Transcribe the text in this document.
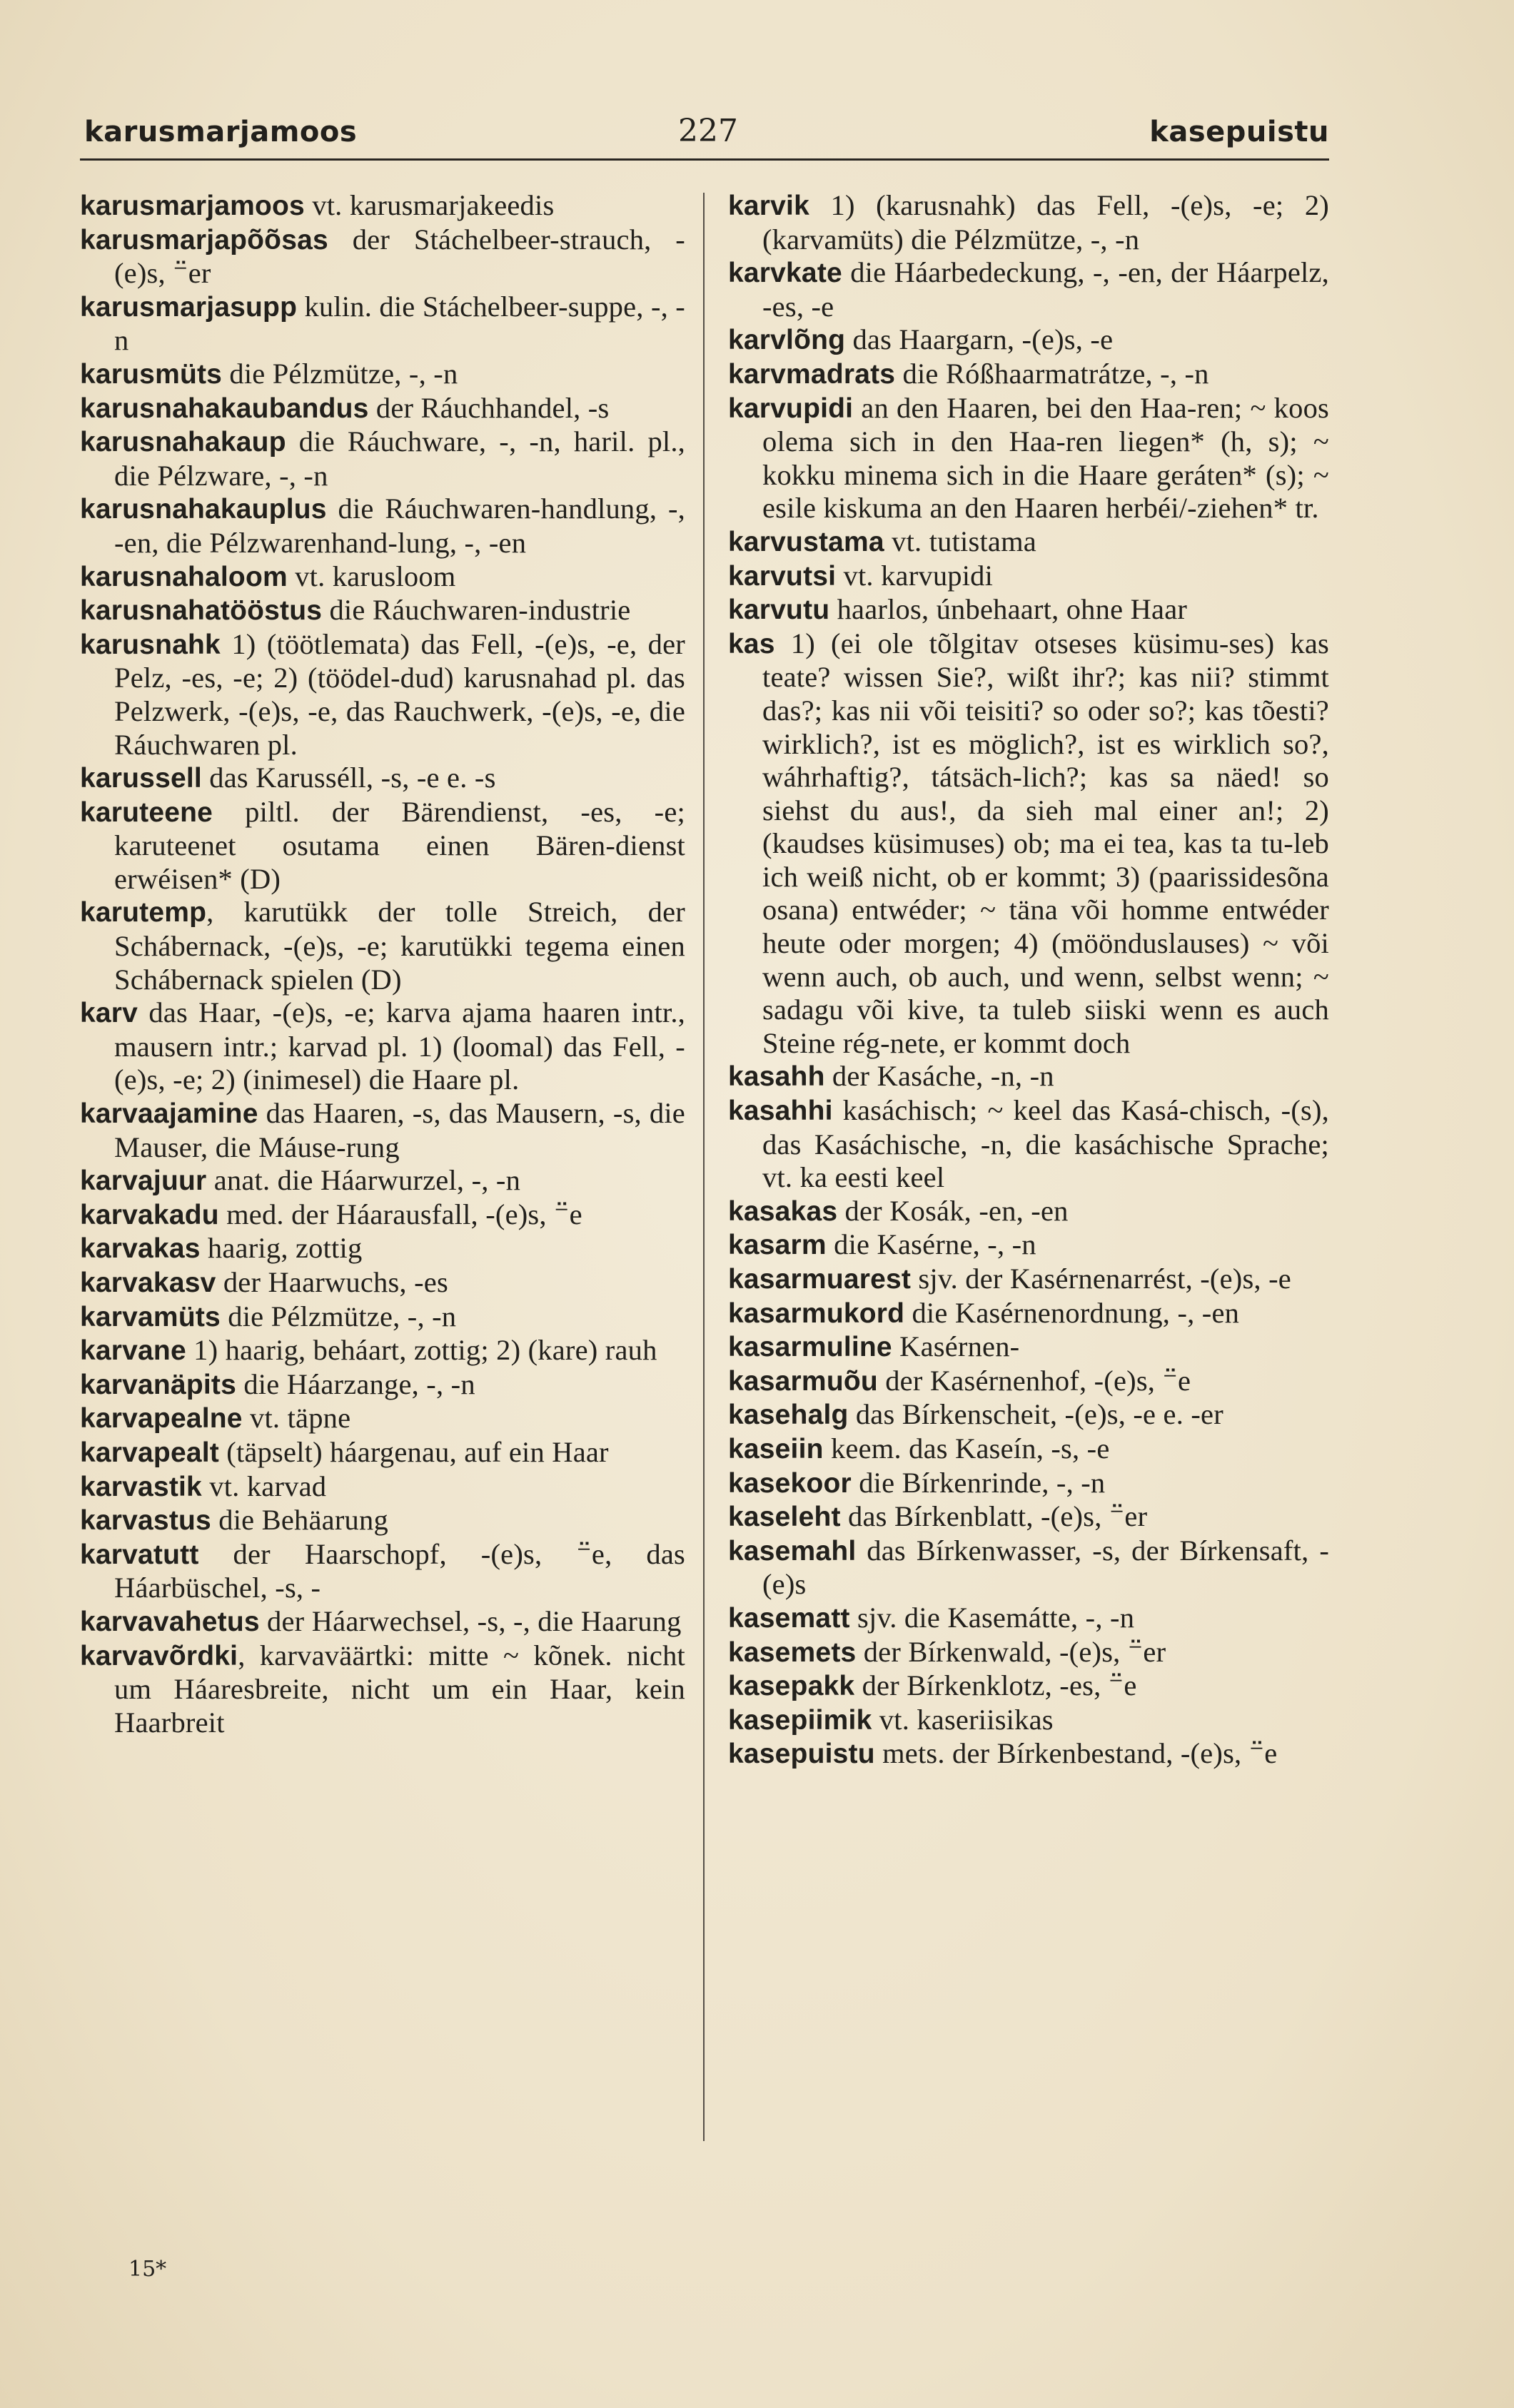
karusmarjamoos	227	kasepuistu
karusmarjamoos vt. karusmarjakeedis
karusmarjapõõsas der Stáchelbeer-strauch, -(e)s, ⁻̈er
karusmarjasupp kulin. die Stáchelbeer-suppe, -, -n
karusmüts die Pélzmütze, -, -n
karusnahakaubandus der Ráuchhandel, -s
karusnahakaup die Ráuchware, -, -n, haril. pl., die Pélzware, -, -n
karusnahakauplus die Ráuchwaren-handlung, -, -en, die Pélzwarenhand-lung, -, -en
karusnahaloom vt. karusloom
karusnahatööstus die Ráuchwaren-industrie
karusnahk 1) (töötlemata) das Fell, -(e)s, -e, der Pelz, -es, -e; 2) (töödel-dud) karusnahad pl. das Pelzwerk, -(e)s, -e, das Rauchwerk, -(e)s, -e, die Ráuchwaren pl.
karussell das Karusséll, -s, -e e. -s
karuteene piltl. der Bärendienst, -es, -e; karuteenet osutama einen Bären-dienst erwéisen* (D)
karutemp, karutükk der tolle Streich, der Schábernack, -(e)s, -e; karutükki tegema einen Schábernack spielen (D)
karv das Haar, -(e)s, -e; karva ajama haaren intr., mausern intr.; karvad pl. 1) (loomal) das Fell, -(e)s, -e; 2) (inimesel) die Haare pl.
karvaajamine das Haaren, -s, das Mausern, -s, die Mauser, die Máuse-rung
karvajuur anat. die Háarwurzel, -, -n
karvakadu med. der Háarausfall, -(e)s, ⁻̈e
karvakas haarig, zottig
karvakasv der Haarwuchs, -es
karvamüts die Pélzmütze, -, -n
karvane 1) haarig, beháart, zottig; 2) (kare) rauh
karvanäpits die Háarzange, -, -n
karvapealne vt. täpne
karvapealt (täpselt) háargenau, auf ein Haar
karvastik vt. karvad
karvastus die Behäarung
karvatutt der Haarschopf, -(e)s, ⁻̈e, das Háarbüschel, -s, -
karvavahetus der Háarwechsel, -s, -, die Haarung
karvavõrdki, karvaväärtki: mitte ~ kõnek. nicht um Háaresbreite, nicht um ein Haar, kein Haarbreit
karvik 1) (karusnahk) das Fell, -(e)s, -e; 2) (karvamüts) die Pélzmütze, -, -n
karvkate die Háarbedeckung, -, -en, der Háarpelz, -es, -e
karvlõng das Haargarn, -(e)s, -e
karvmadrats die Róßhaarmatrátze, -, -n
karvupidi an den Haaren, bei den Haa-ren; ~ koos olema sich in den Haa-ren liegen* (h, s); ~ kokku minema sich in die Haare geráten* (s); ~ esile kiskuma an den Haaren herbéi/-ziehen* tr.
karvustama vt. tutistama
karvutsi vt. karvupidi
karvutu haarlos, únbehaart, ohne Haar
kas 1) (ei ole tõlgitav otseses küsimu-ses) kas teate? wissen Sie?, wißt ihr?; kas nii? stimmt das?; kas nii või teisiti? so oder so?; kas tõesti? wirklich?, ist es möglich?, ist es wirklich so?, wáhrhaftig?, tátsäch-lich?; kas sa näed! so siehst du aus!, da sieh mal einer an!; 2) (kaudses küsimuses) ob; ma ei tea, kas ta tu-leb ich weiß nicht, ob er kommt; 3) (paarissidesõna osana) entwéder; ~ täna või homme entwéder heute oder morgen; 4) (möönduslauses) ~ või wenn auch, ob auch, und wenn, selbst wenn; ~ sadagu või kive, ta tuleb siiski wenn es auch Steine rég-nete, er kommt doch
kasahh der Kasáche, -n, -n
kasahhi kasáchisch; ~ keel das Kasá-chisch, -(s), das Kasáchische, -n, die kasáchische Sprache; vt. ka eesti keel
kasakas der Kosák, -en, -en
kasarm die Kasérne, -, -n
kasarmuarest sjv. der Kasérnenarrést, -(e)s, -e
kasarmukord die Kasérnenordnung, -, -en
kasarmuline Kasérnen-
kasarmuõu der Kasérnenhof, -(e)s, ⁻̈e
kasehalg das Bírkenscheit, -(e)s, -e e. -er
kaseiin keem. das Kaseín, -s, -e
kasekoor die Bírkenrinde, -, -n
kaseleht das Bírkenblatt, -(e)s, ⁻̈er
kasemahl das Bírkenwasser, -s, der Bírkensaft, -(e)s
kasematt sjv. die Kasemátte, -, -n
kasemets der Bírkenwald, -(e)s, ⁻̈er
kasepakk der Bírkenklotz, -es, ⁻̈e
kasepiimik vt. kaseriisikas
kasepuistu mets. der Bírkenbestand, -(e)s, ⁻̈e
15*
